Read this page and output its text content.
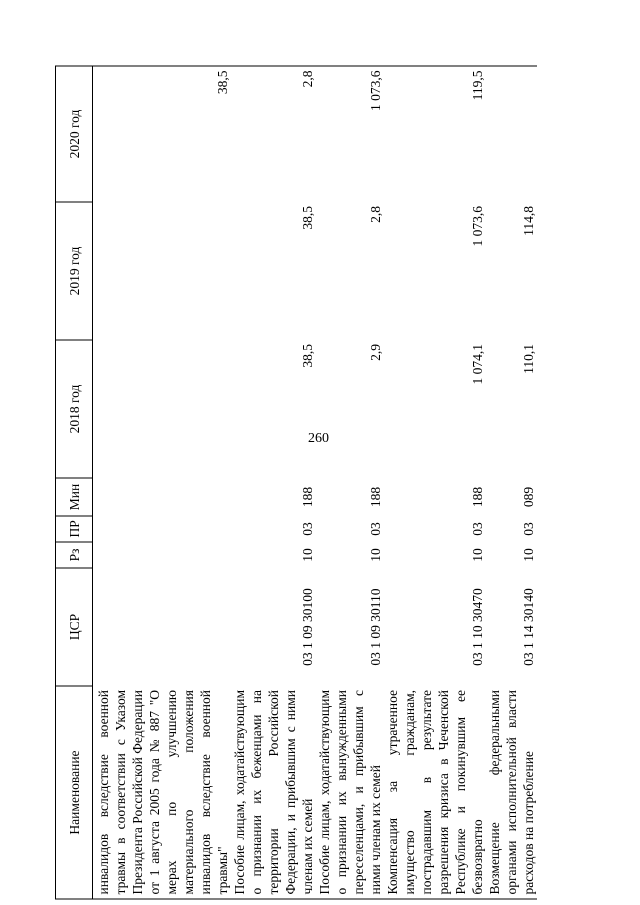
260
Наименование	ЦСР	Рз	ПР	Мин	2018 год	2019 год	2020 год
инвалидов вследствие военной травмы в соответствии с Указом Президента Российской Федерации от 1 августа 2005 года № 887 "О мерах по улучшению материального положения инвалидов вследствие военной травмы"							38,5
Пособие лицам, ходатайствующим о признании их беженцами на территории Российской Федерации, и прибывшим с ними членам их семей	03 1 09 30100	10	03	188	38,5	38,5	2,8
Пособие лицам, ходатайствующим о признании их вынужденными переселенцами, и прибывшим с ними членам их семей	03 1 09 30110	10	03	188	2,9	2,8	1 073,6
Компенсация за утраченное имущество гражданам, пострадавшим в результате разрешения кризиса в Чеченской Республике и покинувшим ее безвозвратно	03 1 10 30470	10	03	188	1 074,1	1 073,6	119,5
Возмещение федеральными органами исполнительной власти расходов на потребление	03 1 14 30140	10	03	089	110,1	114,8	
